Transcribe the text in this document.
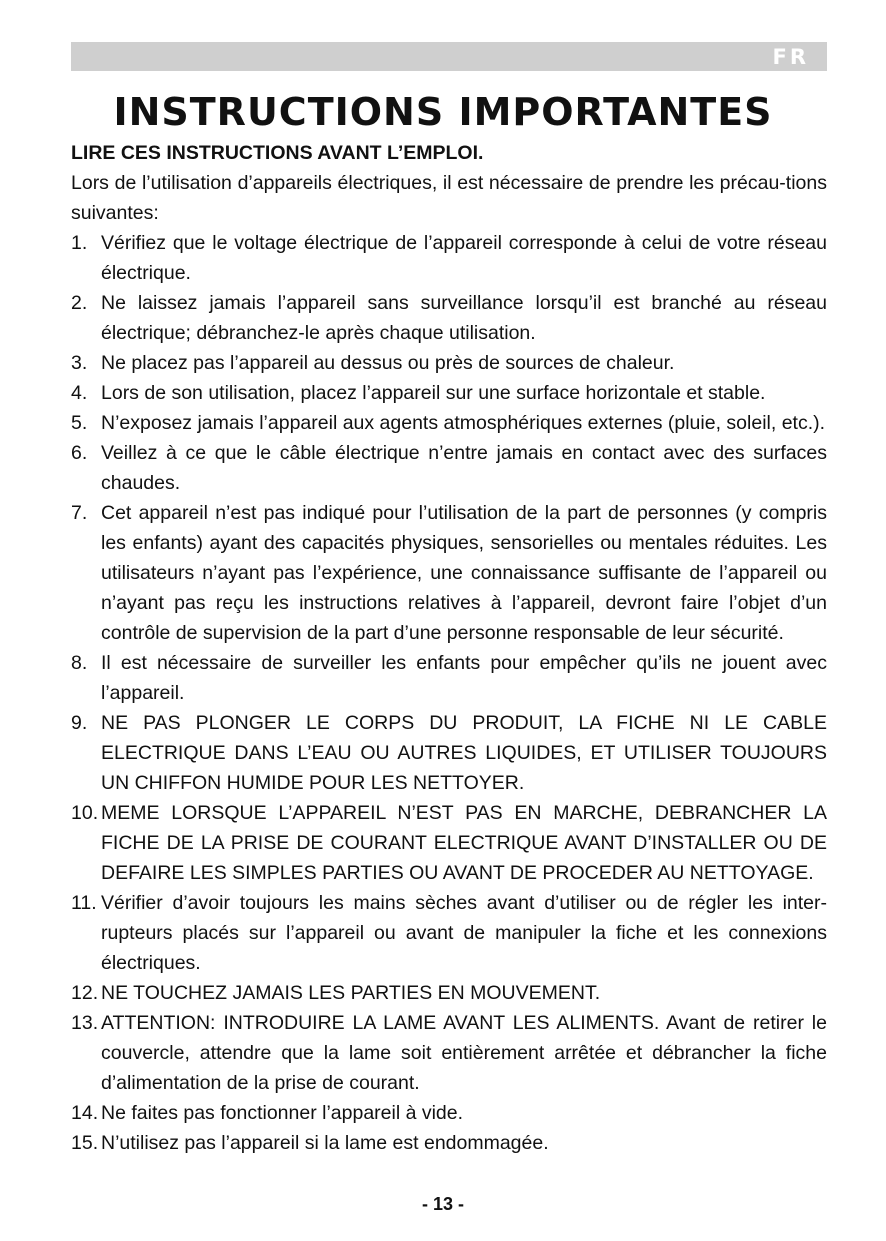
FR
INSTRUCTIONS IMPORTANTES

LIRE CES INSTRUCTIONS AVANT L’EMPLOI.

Lors de l’utilisation d’appareils électriques, il est nécessaire de prendre les précau-tions suivantes:

1. Vérifiez que le voltage électrique de l’appareil corresponde à celui de votre réseau électrique.
2. Ne laissez jamais l’appareil sans surveillance lorsqu’il est branché au réseau électrique; débranchez-le après chaque utilisation.
3. Ne placez pas l’appareil au dessus ou près de sources de chaleur.
4. Lors de son utilisation, placez l’appareil sur une surface horizontale et stable.
5. N’exposez jamais l’appareil aux agents atmosphériques externes (pluie, soleil, etc.).
6. Veillez à ce que le câble électrique n’entre jamais en contact avec des surfaces chaudes.
7. Cet appareil n’est pas indiqué pour l’utilisation de la part de personnes (y compris les enfants) ayant des capacités physiques, sensorielles ou mentales réduites. Les utilisateurs n’ayant pas l’expérience, une connaissance suffisante de l’appareil ou n’ayant pas reçu les instructions relatives à l’appareil, devront faire l’objet d’un contrôle de supervision de la part d’une personne responsable de leur sécurité.
8. Il est nécessaire de surveiller les enfants pour empêcher qu’ils ne jouent avec l’appareil.
9. NE PAS PLONGER LE CORPS DU PRODUIT, LA FICHE NI LE CABLE ELECTRIQUE DANS L’EAU OU AUTRES LIQUIDES, ET UTILISER TOUJOURS UN CHIFFON HUMIDE POUR LES NETTOYER.
10. MEME LORSQUE L’APPAREIL N’EST PAS EN MARCHE, DEBRANCHER LA FICHE DE LA PRISE DE COURANT ELECTRIQUE AVANT D’INSTALLER OU DE DEFAIRE LES SIMPLES PARTIES OU AVANT DE PROCEDER AU NETTOYAGE.
11. Vérifier d’avoir toujours les mains sèches avant d’utiliser ou de régler les inter-rupteurs placés sur l’appareil ou avant de manipuler la fiche et les connexions électriques.
12. NE TOUCHEZ JAMAIS LES PARTIES EN MOUVEMENT.
13. ATTENTION: INTRODUIRE LA LAME AVANT LES ALIMENTS. Avant de retirer le couvercle, attendre que la lame soit entièrement arrêtée et débrancher la fiche d’alimentation de la prise de courant.
14. Ne faites pas fonctionner l’appareil à vide.
15. N’utilisez pas l’appareil si la lame est endommagée.
- 13 -
